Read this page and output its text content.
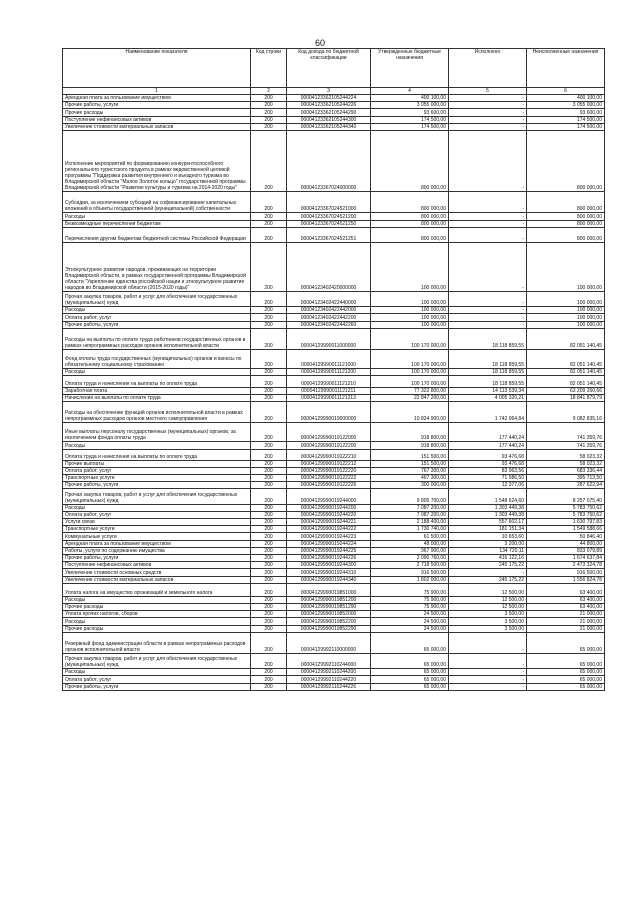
60
Наименование показателя	Код строки	Код дохода по бюджетной классификации	Утвержденные бюджетные назначения	Исполнено	Неисполненные назначения
1	2	3	4	5	6
Арендная плата за пользование имуществом	200	00004123362105244224	400 100,00	-	400 100,00
Прочие работы, услуги	200	00004123362105244226	3 055 000,00	-	3 055 000,00
Прочие расходы	200	00004123362105244290	93 600,00	-	93 600,00
Поступление нефинансовых активов	200	00004123362105244300	174 500,00	-	174 500,00
Увеличение стоимости материальных запасов	200	00004123362105244340	174 500,00	-	174 500,00
Исполнение мероприятий по формированию конкурентоспособного регионального туристского продукта в рамках ведомственной целевой программы "Поддержка развития внутреннего и въездного туризма во Владимирской области "Малое Золотое кольцо" государственной программы Владимирской области "Развитие культуры и туризма на 2014-2020 годы"	200	00004123367024000000	800 000,00	-	800 000,00
Субсидии, за исключением субсидий на софинансирование капитальных вложений в объекты государственной (муниципальной) собственности	200	00004123367024521000	800 000,00	-	800 000,00
Расходы	200	00004123367024521200	800 000,00	-	800 000,00
Безвозмездные перечисления бюджетам	200	00004123367024521250	800 000,00	-	800 000,00
Перечисления другим бюджетам бюджетной системы Российской Федерации	200	00004123367024521251	800 000,00	-	800 000,00
Этнокультурное развитие народов, проживающих на территории Владимирской области, в рамках государственной программы Владимирской области "Укрепление единства российской нации и этнокультурное развитие народов во Владимирской области (2015-2020 годы)"	200	00004123402420000000	100 000,00	-	100 000,00
Прочая закупка товаров, работ и услуг для обеспечения государственных (муниципальных) нужд	200	00004123402422440000	100 000,00	-	100 000,00
Расходы	200	00004123402422442000	100 000,00	-	100 000,00
Оплата работ, услуг	200	00004123402422442200	100 000,00	-	100 000,00
Прочие работы, услуги	200	00004123402422442260	100 000,00	-	100 000,00
Расходы на выплаты по оплате труда работников государственных органов в рамках непрограммных расходов органов исполнительной власти	200	00004129990011000000	100 170 000,00	18 118 859,55	82 051 140,45
Фонд оплаты труда государственных (муниципальных) органов и взносы по обязательному социальному страхованию	200	00004129990011121000	100 170 000,00	18 118 859,55	82 051 140,45
Расходы	200	00004129990011121200	100 170 000,00	18 118 859,55	82 051 140,45
Оплата труда и начисления на выплаты по оплате труда	200	00004129990011121210	100 170 000,00	18 118 859,55	82 051 140,45
Заработная плата	200	00004129990011121211	77 322 800,00	14 113 539,34	63 209 260,66
Начисления на выплаты по оплате труда	200	00004129990011121213	22 847 200,00	4 005 320,21	18 841 879,79
Расходы на обеспечение функций органов исполнительной власти в рамках непрограммных расходов органов местного самоуправления	200	00004129990019000000	10 824 900,00	1 742 064,84	9 082 835,16
Иные выплаты персоналу государственных (муниципальных) органов, за исключением фонда оплаты труда	200	00004129990019122000	918 800,00	177 440,24	741 359,76
Расходы	200	00004129990019122200	918 800,00	177 440,24	741 359,76
Оплата труда и начисления на выплаты по оплате труда	200	00004129990019122210	151 500,00	93 476,68	58 023,32
Прочие выплаты	200	00004129990019122212	151 500,00	93 476,68	58 023,32
Оплата работ, услуг	200	00004129990019122220	767 300,00	83 963,56	683 336,44
Транспортные услуги	200	00004129990019122222	467 300,00	71 586,50	395 713,50
Прочие работы, услуги	200	00004129990019122226	300 000,00	12 377,06	287 622,94
Прочая закупка товаров, работ и услуг для обеспечения государственных (муниципальных) нужд	200	00004129990019244000	9 805 700,00	1 548 624,60	8 257 075,40
Расходы	200	00004129990019244200	7 087 200,00	1 303 449,38	5 783 750,62
Оплата работ, услуг	200	00004129990019244220	7 087 200,00	1 303 449,38	5 783 750,62
Услуги связи	200	00004129990019244221	2 188 400,00	557 602,17	1 630 797,83
Транспортные услуги	200	00004129990019244222	1 730 740,00	181 151,34	1 549 588,66
Коммунальные услуги	200	00004129990019244223	61 500,00	10 653,60	50 846,40
Арендная плата за пользование имуществом	200	00004129990019244224	48 000,00	3 200,00	44 800,00
Работы, услуги по содержанию имущества	200	00004129990019244225	967 900,00	134 720,11	833 079,89
Прочие работы, услуги	200	00004129990019244226	2 090 760,00	416 122,16	1 674 637,84
Поступление нефинансовых активов	200	00004129990019244300	2 718 500,00	245 175,22	2 473 324,78
Увеличение стоимости основных средств	200	00004129990019244310	916 500,00	-	916 500,00
Увеличение стоимости материальных запасов	200	00004129990019244340	1 802 000,00	245 175,22	1 556 824,78
Уплата налога на имущество организаций и земельного налога	200	00004129990019851000	75 900,00	12 500,00	63 400,00
Расходы	200	00004129990019851200	75 900,00	12 500,00	63 400,00
Прочие расходы	200	00004129990019851290	75 900,00	12 500,00	63 400,00
Уплата прочих налогов, сборов	200	00004129990019852000	24 500,00	3 500,00	21 000,00
Расходы	200	00004129990019852200	24 500,00	3 500,00	21 000,00
Прочие расходы	200	00004129990019852290	24 500,00	3 500,00	21 000,00
Резервный фонд администрации области в рамках непрограммных расходов органов исполнительной власти	200	00004129992110000000	65 000,00	-	65 000,00
Прочая закупка товаров, работ и услуг для обеспечения государственных (муниципальных) нужд	200	00004129992110244000	65 000,00	-	65 000,00
Расходы	200	00004129992110244200	65 000,00	-	65 000,00
Оплата работ, услуг	200	00004129992110244220	65 000,00	-	65 000,00
Прочие работы, услуги	200	00004129992110244226	65 000,00	-	65 000,00
